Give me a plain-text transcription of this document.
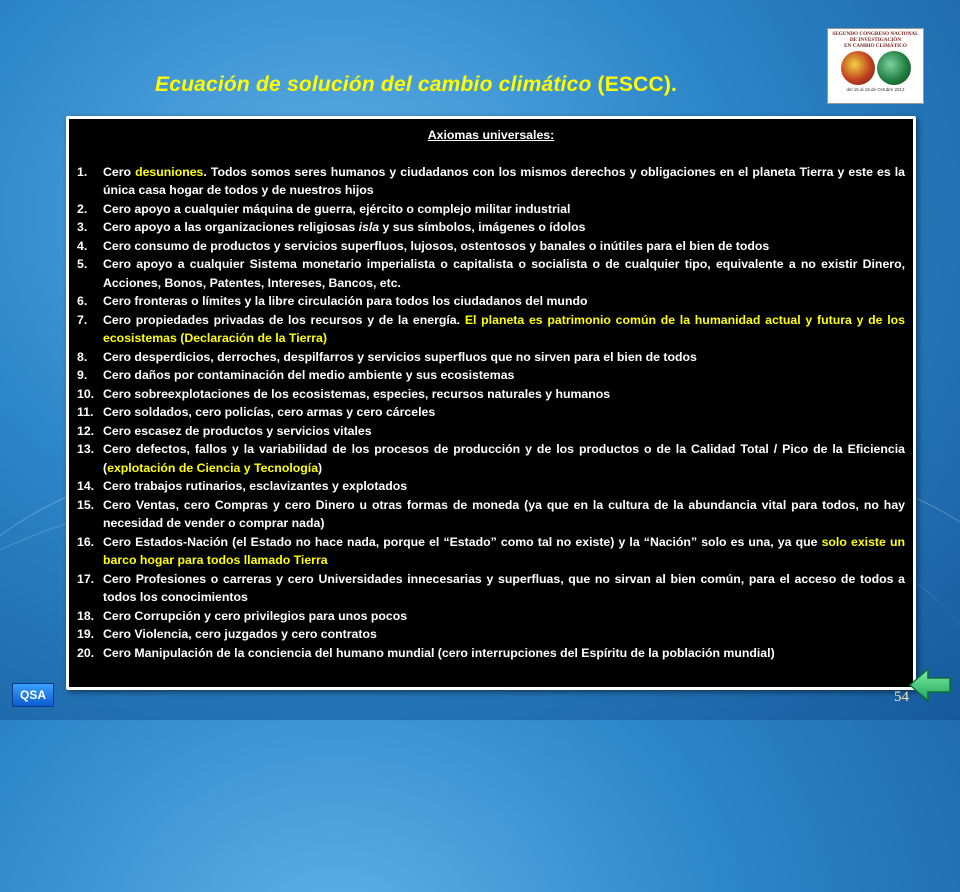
Ecuación de solución del cambio climático (ESCC).
SEGUNDO CONGRESO NACIONAL
DE INVESTIGACIÓN
EN CAMBIO CLIMÁTICO
del 15 al 19 de Octubre 2012
Axiomas universales:
1.	Cero desuniones. Todos somos seres humanos y ciudadanos con los mismos derechos y obligaciones en el planeta Tierra y este es la única casa hogar de todos y de nuestros hijos
2.	Cero apoyo a cualquier máquina de guerra, ejército o complejo militar industrial
3.	Cero apoyo a las organizaciones religiosas isla y sus símbolos, imágenes o ídolos
4.	Cero consumo de productos y servicios superfluos, lujosos, ostentosos y banales o inútiles para el bien de todos
5.	Cero apoyo a cualquier Sistema monetario imperialista o capitalista o socialista o de cualquier tipo, equivalente a no existir Dinero, Acciones, Bonos, Patentes, Intereses, Bancos, etc.
6.	Cero fronteras o límites y la libre circulación para todos los ciudadanos del mundo
7.	Cero propiedades privadas de los recursos y de la energía. El planeta es patrimonio común de la humanidad actual y futura y de los ecosistemas (Declaración de la Tierra)
8.	Cero desperdicios, derroches, despilfarros y servicios superfluos que no sirven para el bien de todos
9.	Cero daños por contaminación del medio ambiente y sus ecosistemas
10. Cero sobreexplotaciones de los ecosistemas, especies, recursos naturales y humanos
11. Cero soldados, cero policías, cero armas y cero cárceles
12. Cero escasez de productos y servicios vitales
13. Cero defectos, fallos y la variabilidad de los procesos de producción y de los productos o de la Calidad Total / Pico de la Eficiencia (explotación de Ciencia y Tecnología)
14. Cero trabajos rutinarios, esclavizantes y explotados
15. Cero Ventas, cero Compras y cero Dinero u otras formas de moneda (ya que en la cultura de la abundancia vital para todos, no hay necesidad de vender o comprar nada)
16. Cero Estados-Nación (el Estado no hace nada, porque el “Estado” como tal no existe) y la “Nación” solo es una, ya que solo existe un barco hogar para todos llamado Tierra
17. Cero Profesiones o carreras y cero Universidades innecesarias y superfluas, que no sirvan al bien común, para el acceso de todos a todos los conocimientos
18. Cero Corrupción y cero privilegios para unos pocos
19. Cero Violencia, cero juzgados y cero contratos
20. Cero Manipulación de la conciencia del humano mundial (cero interrupciones del Espíritu de la población mundial)
QSA	54
